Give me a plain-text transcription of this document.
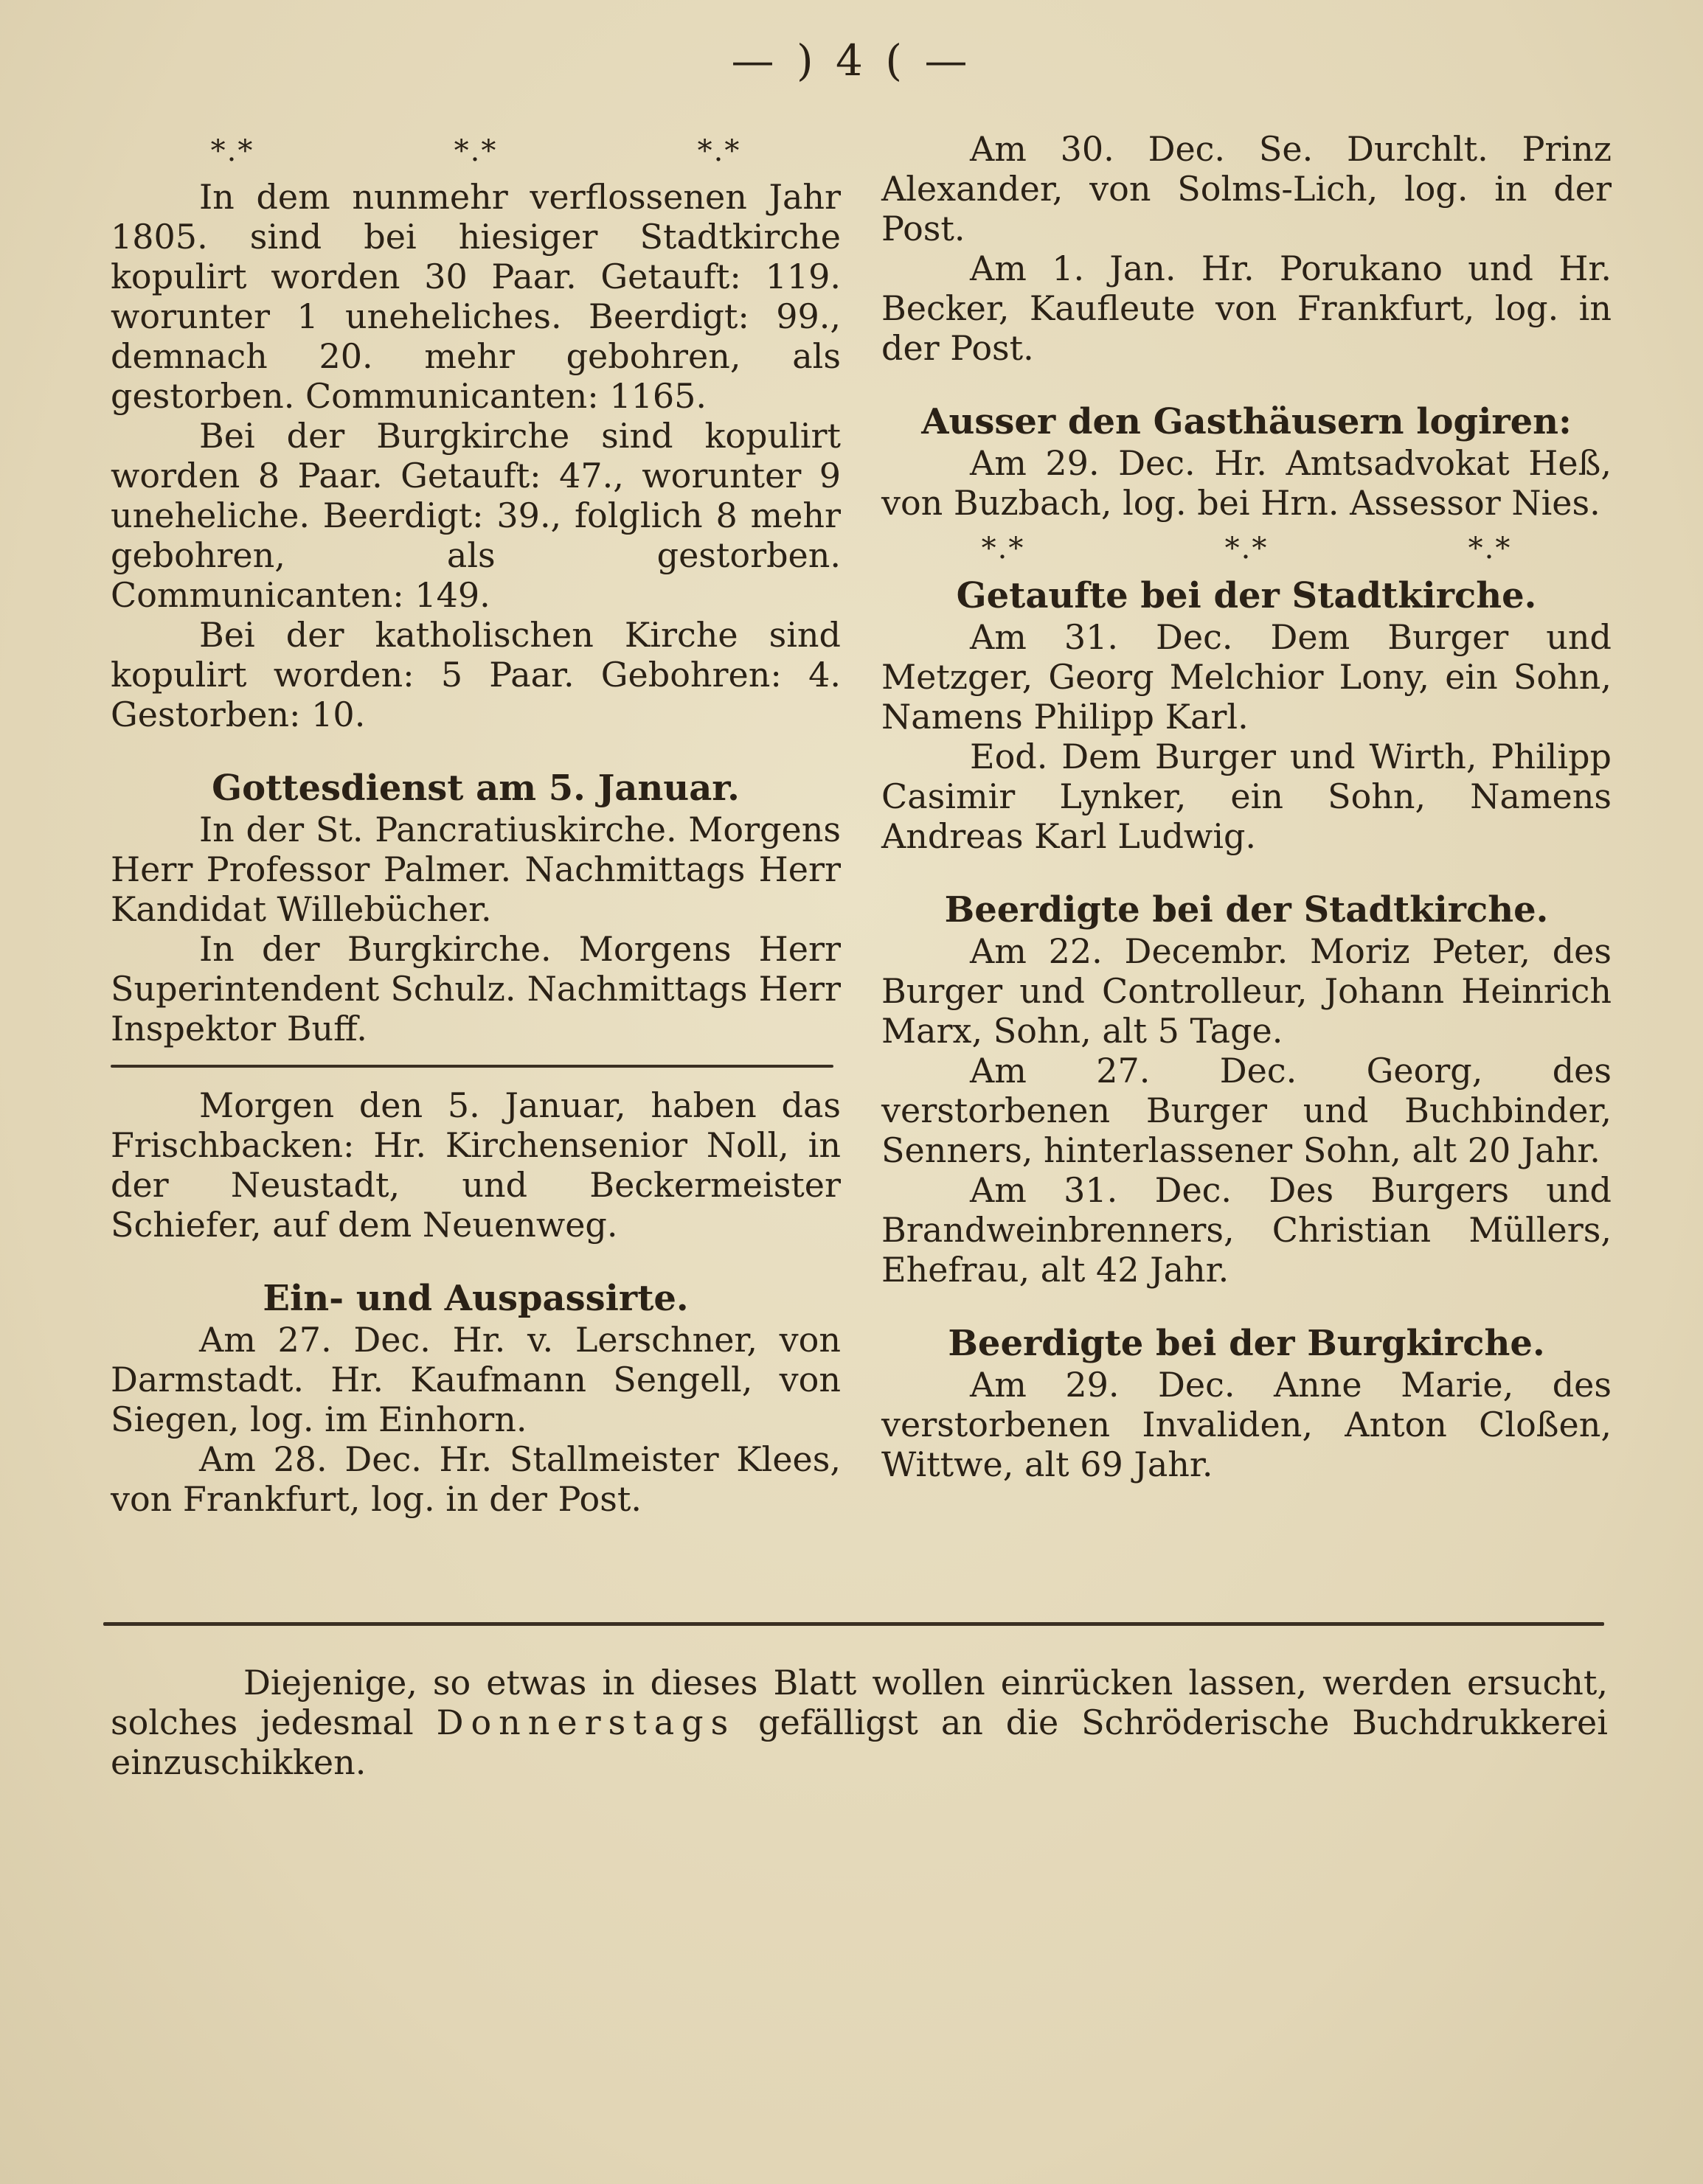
— ) 4 ( —
*.*	*.*	*.*

In dem nunmehr verflossenen Jahr 1805. sind bei hiesiger Stadtkirche kopulirt worden 30 Paar. Getauft: 119. worunter 1 uneheliches. Beerdigt: 99., demnach 20. mehr gebohren, als gestorben. Communicanten: 1165.

Bei der Burgkirche sind kopulirt worden 8 Paar. Getauft: 47., worunter 9 uneheliche. Beerdigt: 39., folglich 8 mehr gebohren, als gestorben. Communicanten: 149.

Bei der katholischen Kirche sind kopulirt worden: 5 Paar. Gebohren: 4. Gestorben: 10.

Gottesdienst am 5. Januar.

In der St. Pancratiuskirche. Morgens Herr Professor Palmer. Nachmittags Herr Kandidat Willebücher.

In der Burgkirche. Morgens Herr Superintendent Schulz. Nachmittags Herr Inspektor Buff.

Morgen den 5. Januar, haben das Frischbacken: Hr. Kirchensenior Noll, in der Neustadt, und Beckermeister Schiefer, auf dem Neuenweg.

Ein- und Auspassirte.

Am 27. Dec. Hr. v. Lerschner, von Darmstadt. Hr. Kaufmann Sengell, von Siegen, log. im Einhorn.

Am 28. Dec. Hr. Stallmeister Klees, von Frankfurt, log. in der Post.

Am 30. Dec. Se. Durchlt. Prinz Alexander, von Solms-Lich, log. in der Post.

Am 1. Jan. Hr. Porukano und Hr. Becker, Kaufleute von Frankfurt, log. in der Post.

Ausser den Gasthäusern logiren:

Am 29. Dec. Hr. Amtsadvokat Heß, von Buzbach, log. bei Hrn. Assessor Nies.

*.*	*.*	*.*
Getaufte bei der Stadtkirche.

Am 31. Dec. Dem Burger und Metzger, Georg Melchior Lony, ein Sohn, Namens Philipp Karl.

Eod. Dem Burger und Wirth, Philipp Casimir Lynker, ein Sohn, Namens Andreas Karl Ludwig.

Beerdigte bei der Stadtkirche.

Am 22. Decembr. Moriz Peter, des Burger und Controlleur, Johann Heinrich Marx, Sohn, alt 5 Tage.

Am 27. Dec. Georg, des verstorbenen Burger und Buchbinder, Senners, hinterlassener Sohn, alt 20 Jahr.

Am 31. Dec. Des Burgers und Brandweinbrenners, Christian Müllers, Ehefrau, alt 42 Jahr.

Beerdigte bei der Burgkirche.

Am 29. Dec. Anne Marie, des verstorbenen Invaliden, Anton Cloßen, Wittwe, alt 69 Jahr.

Diejenige, so etwas in dieses Blatt wollen einrücken lassen, werden ersucht, solches jedesmal Donnerstags gefälligst an die Schröderische Buchdrukkerei einzuschikken.
